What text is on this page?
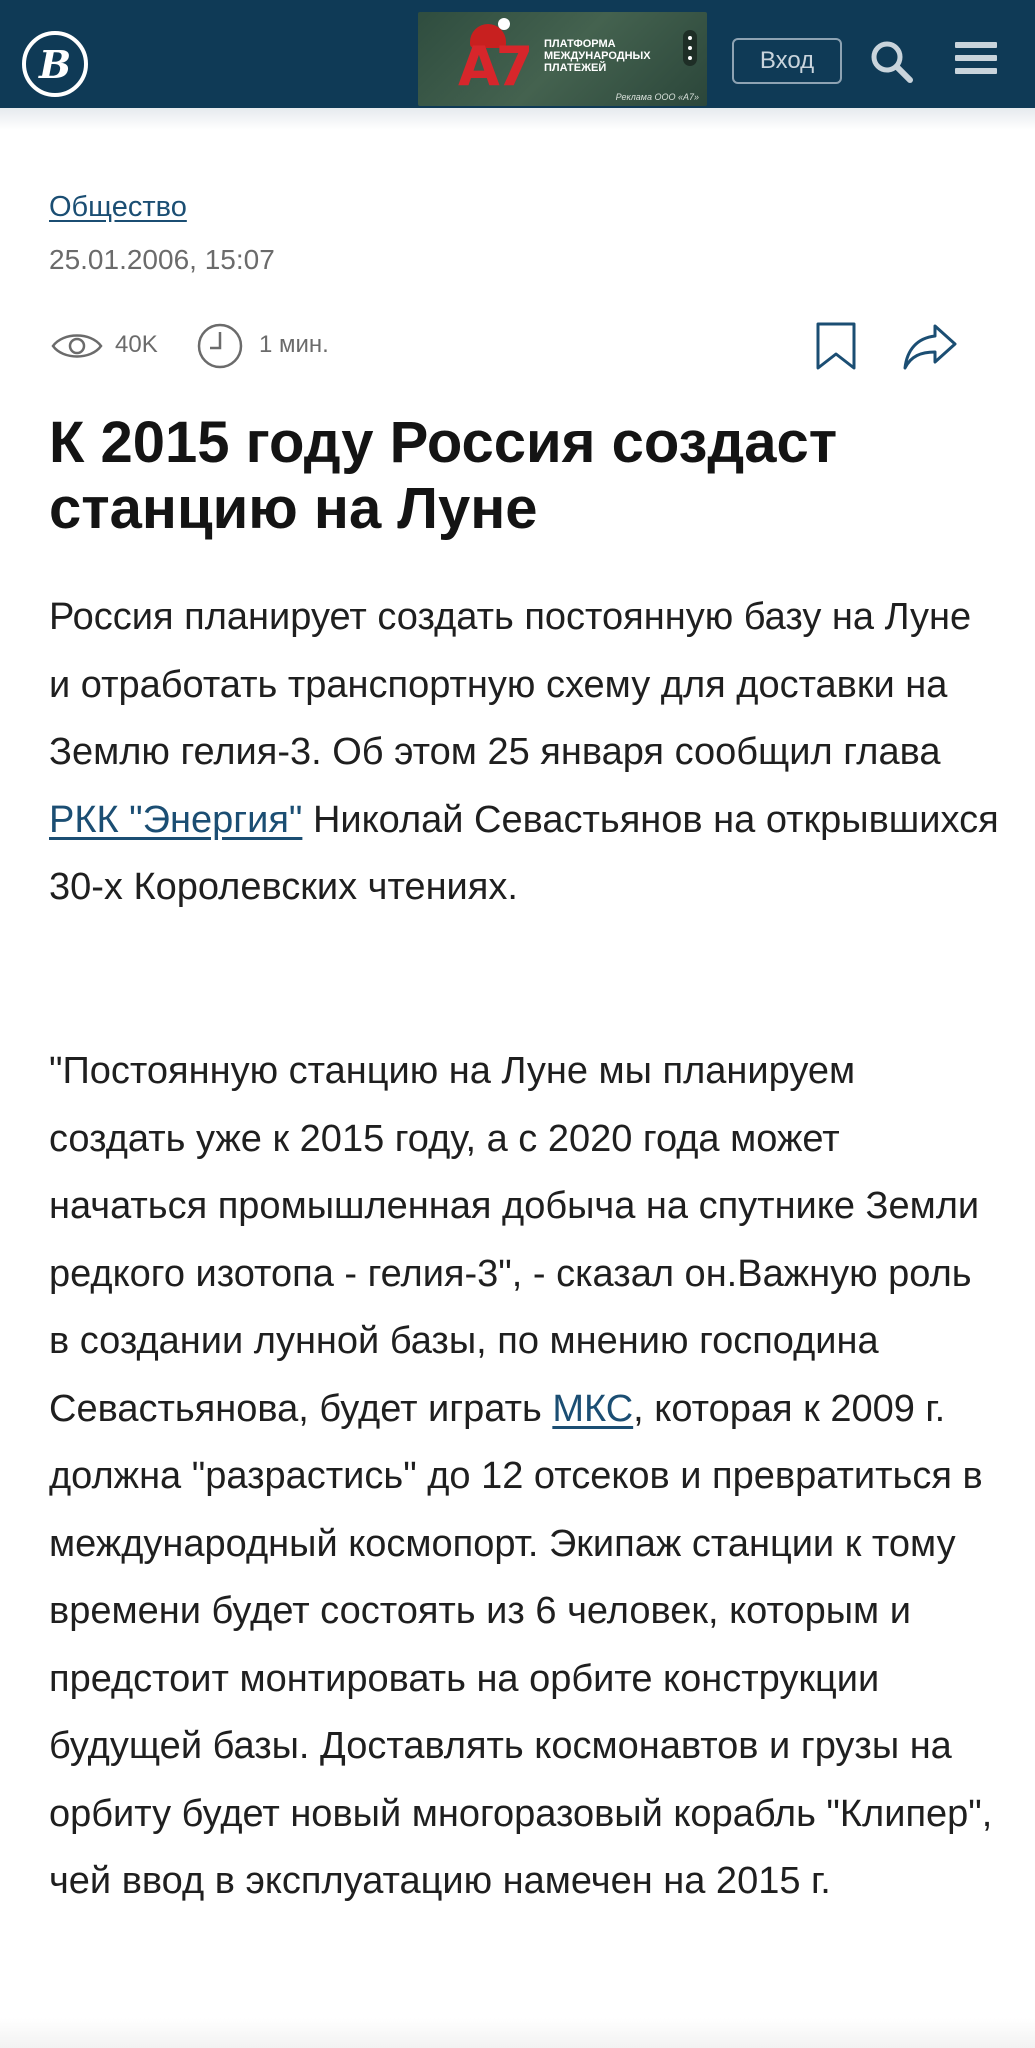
В	A7	ПЛАТФОРМА МЕЖДУНАРОДНЫХ ПЛАТЕЖЕЙ
Реклама ООО «А7»
Вход
Общество
25.01.2006, 15:07
40K	1 мин.
К 2015 году Россия создаст станцию на Луне

Россия планирует создать постоянную базу на Луне и отработать транспортную схему для доставки на Землю гелия-3. Об этом 25 января сообщил глава РКК "Энергия" Николай Севастьянов на открывшихся 30-х Королевских чтениях.

"Постоянную станцию на Луне мы планируем создать уже к 2015 году, а с 2020 года может начаться промышленная добыча на спутнике Земли редкого изотопа - гелия-3", - сказал он.Важную роль в создании лунной базы, по мнению господина Севастьянова, будет играть МКС, которая к 2009 г. должна "разрастись" до 12 отсеков и превратиться в международный космопорт. Экипаж станции к тому времени будет состоять из 6 человек, которым и предстоит монтировать на орбите конструкции будущей базы. Доставлять космонавтов и грузы на орбиту будет новый многоразовый корабль "Клипер", чей ввод в эксплуатацию намечен на 2015 г.
